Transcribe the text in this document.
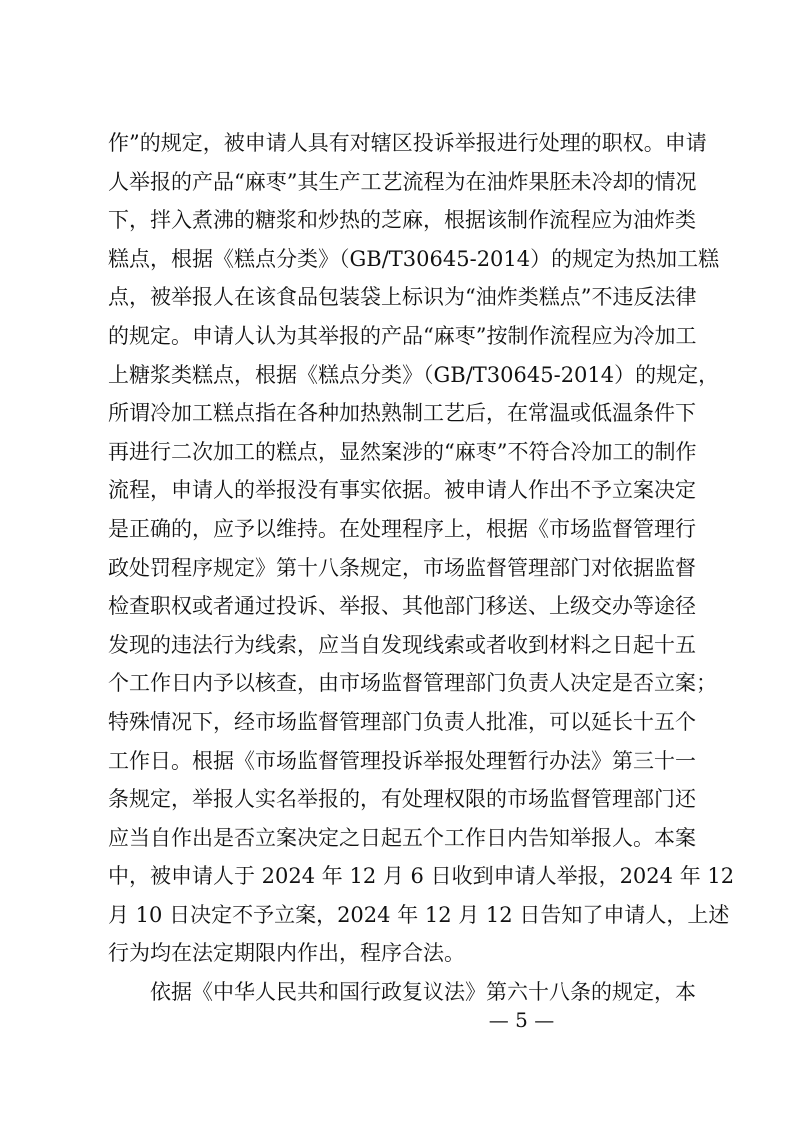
作”的规定，被申请人具有对辖区投诉举报进行处理的职权。申请
人举报的产品“麻枣”其生产工艺流程为在油炸果胚未冷却的情况
下，拌入煮沸的糖浆和炒热的芝麻，根据该制作流程应为油炸类
糕点，根据《糕点分类》（GB/T30645-2014）的规定为热加工糕
点，被举报人在该食品包装袋上标识为“油炸类糕点”不违反法律
的规定。申请人认为其举报的产品“麻枣”按制作流程应为冷加工
上糖浆类糕点，根据《糕点分类》（GB/T30645-2014）的规定，
所谓冷加工糕点指在各种加热熟制工艺后，在常温或低温条件下
再进行二次加工的糕点，显然案涉的“麻枣”不符合冷加工的制作
流程，申请人的举报没有事实依据。被申请人作出不予立案决定
是正确的，应予以维持。在处理程序上，根据《市场监督管理行
政处罚程序规定》第十八条规定，市场监督管理部门对依据监督
检查职权或者通过投诉、举报、其他部门移送、上级交办等途径
发现的违法行为线索，应当自发现线索或者收到材料之日起十五
个工作日内予以核查，由市场监督管理部门负责人决定是否立案；
特殊情况下，经市场监督管理部门负责人批准，可以延长十五个
工作日。根据《市场监督管理投诉举报处理暂行办法》第三十一
条规定，举报人实名举报的，有处理权限的市场监督管理部门还
应当自作出是否立案决定之日起五个工作日内告知举报人。本案
中，被申请人于 2024 年 12 月 6 日收到申请人举报，2024 年 12
月 10 日决定不予立案，2024 年 12 月 12 日告知了申请人，上述
行为均在法定期限内作出，程序合法。
依据《中华人民共和国行政复议法》第六十八条的规定，本
— 5 —
